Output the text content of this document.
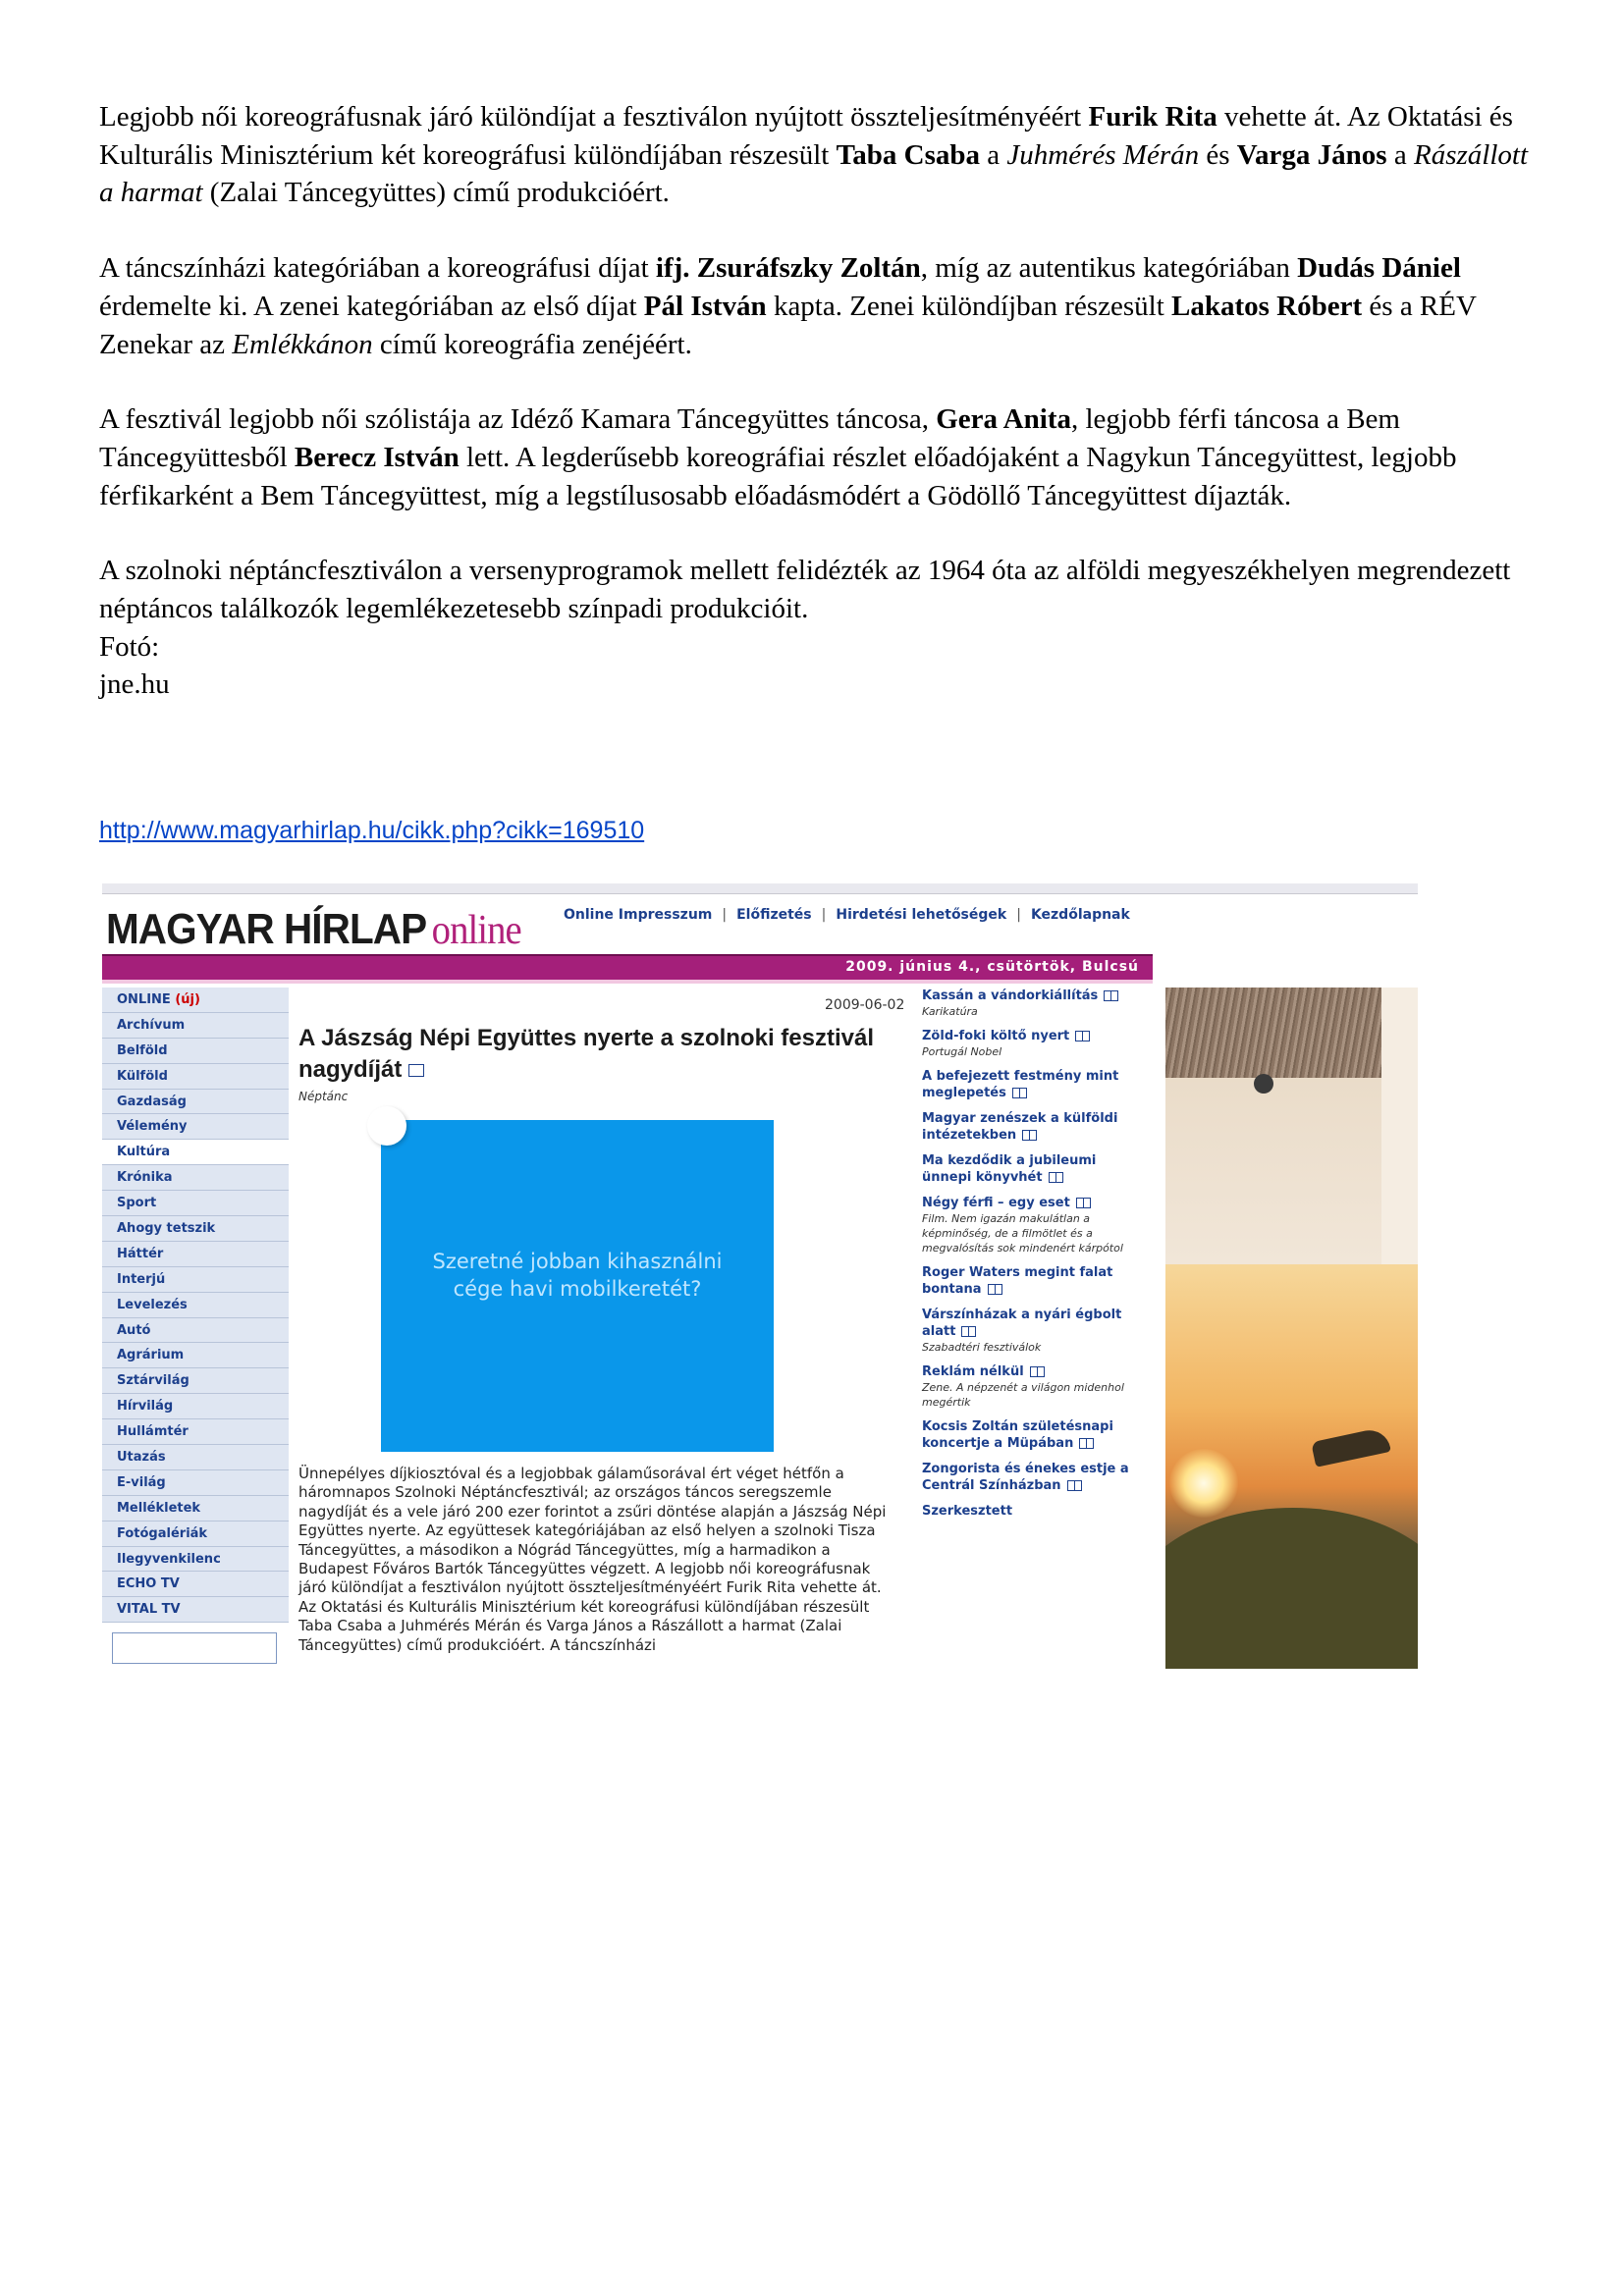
Legjobb női koreográfusnak járó különdíjat a fesztiválon nyújtott összteljesítményéért Furik Rita vehette át. Az Oktatási és Kulturális Minisztérium két koreográfusi különdíjában részesült Taba Csaba a Juhmérés Mérán és Varga János a Rászállott a harmat (Zalai Táncegyüttes) című produkcióért.

A táncszínházi kategóriában a koreográfusi díjat ifj. Zsuráfszky Zoltán, míg az autentikus kategóriában Dudás Dániel érdemelte ki. A zenei kategóriában az első díjat Pál István kapta. Zenei különdíjban részesült Lakatos Róbert és a RÉV Zenekar az Emlékkánon című koreográfia zenéjéért.

A fesztivál legjobb női szólistája az Idéző Kamara Táncegyüttes táncosa, Gera Anita, legjobb férfi táncosa a Bem Táncegyüttesből Berecz István lett. A legderűsebb koreográfiai részlet előadójaként a Nagykun Táncegyüttest, legjobb férfikarként a Bem Táncegyüttest, míg a legstílusosabb előadásmódért a Gödöllő Táncegyüttest díjazták.

A szolnoki néptáncfesztiválon a versenyprogramok mellett felidézték az 1964 óta az alföldi megyeszékhelyen megrendezett néptáncos találkozók legemlékezetesebb színpadi produkcióit.

Fotó:

jne.hu

http://www.magyarhirlap.hu/cikk.php?cikk=169510
MAGYAR HÍRLAP online	Online Impresszum | Előfizetés | Hirdetési lehetőségek | Kezdőlapnak
2009. június 4., csütörtök, Bulcsú
ONLINE (új)
Archívum
Belföld
Külföld
Gazdaság
Vélemény
Kultúra
Krónika
Sport
Ahogy tetszik
Háttér
Interjú
Levelezés
Autó
Agrárium
Sztárvilág
Hírvilág
Hullámtér
Utazás
E-világ
Mellékletek
Fotógalériák
Ilegyvenkilenc
ECHO TV
VITAL TV
2009-06-02
A Jászság Népi Együttes nyerte a szolnoki fesztivál nagydíját
Néptánc
Szeretné jobban kihasználni
cége havi mobilkeretét?
Ünnepélyes díjkiosztóval és a legjobbak gálaműsorával ért véget hétfőn a háromnapos Szolnoki Néptáncfesztivál; az országos táncos seregszemle nagydíját és a vele járó 200 ezer forintot a zsűri döntése alapján a Jászság Népi Együttes nyerte. Az együttesek kategóriájában az első helyen a szolnoki Tisza Táncegyüttes, a másodikon a Nógrád Táncegyüttes, míg a harmadikon a Budapest Főváros Bartók Táncegyüttes végzett. A legjobb női koreográfusnak járó különdíjat a fesztiválon nyújtott összteljesítményéért Furik Rita vehette át. Az Oktatási és Kulturális Minisztérium két koreográfusi különdíjában részesült Taba Csaba a Juhmérés Mérán és Varga János a Rászállott a harmat (Zalai Táncegyüttes) című produkcióért. A táncszínházi
Kassán a vándorkiállítás
Karikatúra
Zöld-foki költő nyert
Portugál Nobel
A befejezett festmény mint meglepetés
Magyar zenészek a külföldi intézetekben
Ma kezdődik a jubileumi ünnepi könyvhét
Négy férfi – egy eset
Film. Nem igazán makulátlan a képminőség, de a filmötlet és a megvalósítás sok mindenért kárpótol
Roger Waters megint falat bontana
Várszínházak a nyári égbolt alatt
Szabadtéri fesztiválok
Reklám nélkül
Zene. A népzenét a világon midenhol megértik
Kocsis Zoltán születésnapi koncertje a Müpában
Zongorista és énekes estje a Centrál Színházban
Szerkesztett
